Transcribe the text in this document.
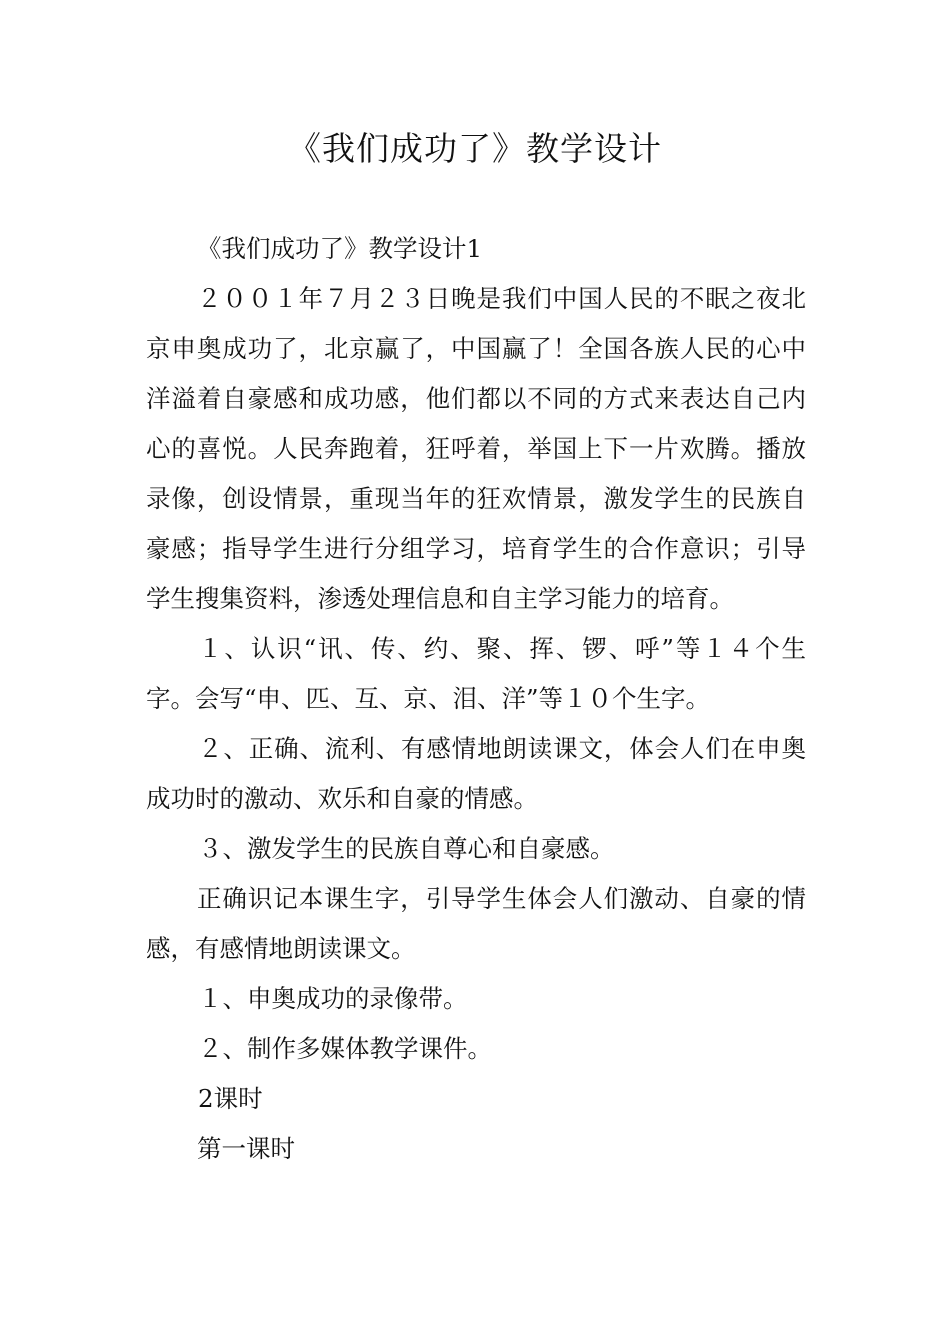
《我们成功了》教学设计

《我们成功了》教学设计1

２００１年７月２３日晚是我们中国人民的不眠之夜北京申奥成功了，北京赢了，中国赢了！全国各族人民的心中洋溢着自豪感和成功感，他们都以不同的方式来表达自己内心的喜悦。人民奔跑着，狂呼着，举国上下一片欢腾。播放录像，创设情景，重现当年的狂欢情景，激发学生的民族自豪感；指导学生进行分组学习，培育学生的合作意识；引导学生搜集资料，渗透处理信息和自主学习能力的培育。

１、认识“讯、传、约、聚、挥、锣、呼”等１４个生字。会写“申、匹、互、京、泪、洋”等１０个生字。

２、正确、流利、有感情地朗读课文，体会人们在申奥成功时的激动、欢乐和自豪的情感。

３、激发学生的民族自尊心和自豪感。

正确识记本课生字，引导学生体会人们激动、自豪的情感，有感情地朗读课文。

１、申奥成功的录像带。

２、制作多媒体教学课件。

2课时

第一课时
